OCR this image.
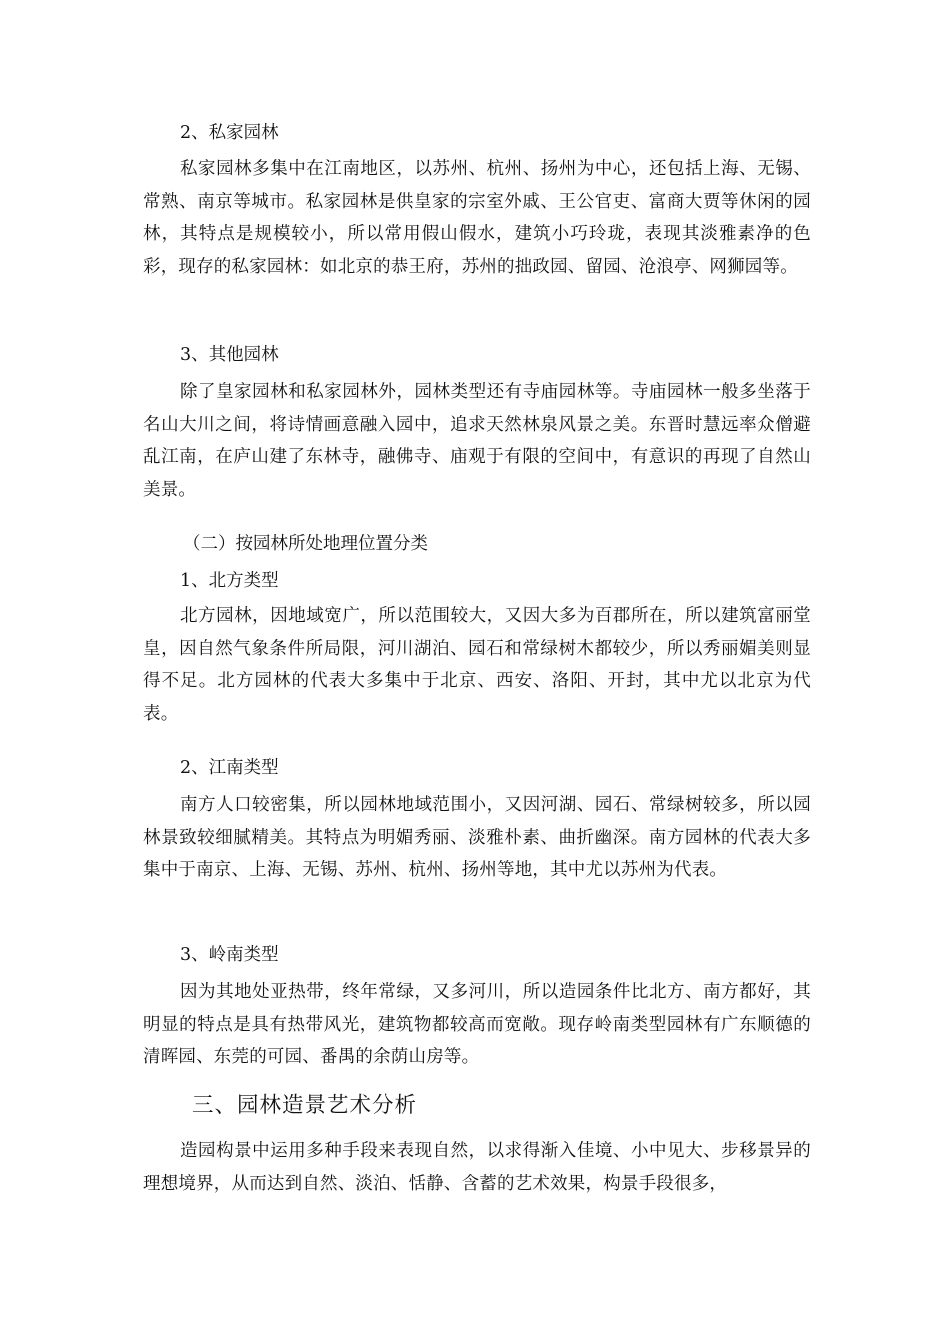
2、私家园林
私家园林多集中在江南地区，以苏州、杭州、扬州为中心，还包括上海、无锡、常熟、南京等城市。私家园林是供皇家的宗室外戚、王公官吏、富商大贾等休闲的园林，其特点是规模较小，所以常用假山假水，建筑小巧玲珑，表现其淡雅素净的色彩，现存的私家园林：如北京的恭王府，苏州的拙政园、留园、沧浪亭、网狮园等。
3、其他园林
除了皇家园林和私家园林外，园林类型还有寺庙园林等。寺庙园林一般多坐落于名山大川之间，将诗情画意融入园中，追求天然林泉风景之美。东晋时慧远率众僧避乱江南，在庐山建了东林寺，融佛寺、庙观于有限的空间中，有意识的再现了自然山美景。
（二）按园林所处地理位置分类
1、北方类型
北方园林，因地域宽广，所以范围较大，又因大多为百郡所在，所以建筑富丽堂皇，因自然气象条件所局限，河川湖泊、园石和常绿树木都较少，所以秀丽媚美则显得不足。北方园林的代表大多集中于北京、西安、洛阳、开封，其中尤以北京为代表。
2、江南类型
南方人口较密集，所以园林地域范围小，又因河湖、园石、常绿树较多，所以园林景致较细腻精美。其特点为明媚秀丽、淡雅朴素、曲折幽深。南方园林的代表大多集中于南京、上海、无锡、苏州、杭州、扬州等地，其中尤以苏州为代表。
3、岭南类型
因为其地处亚热带，终年常绿，又多河川，所以造园条件比北方、南方都好，其明显的特点是具有热带风光，建筑物都较高而宽敞。现存岭南类型园林有广东顺德的清晖园、东莞的可园、番禺的余荫山房等。
三、园林造景艺术分析
造园构景中运用多种手段来表现自然，以求得渐入佳境、小中见大、步移景异的理想境界，从而达到自然、淡泊、恬静、含蓄的艺术效果，构景手段很多，
